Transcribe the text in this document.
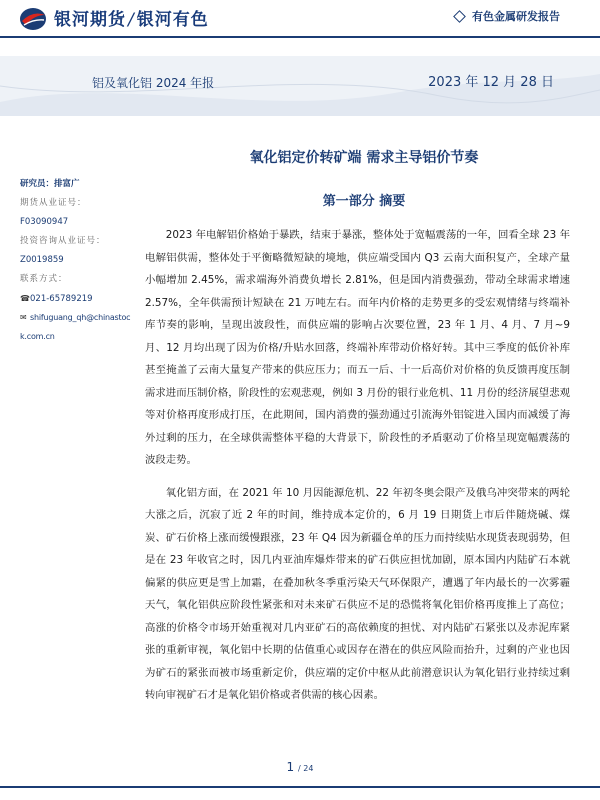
银河期货 / 银河有色	有色金属研发报告
铝及氧化铝 2024 年报	2023 年 12 月 28 日
研究员：排富广
期货从业证号：
F03090947
投资咨询从业证号：
Z0019859
联系方式：
☎021-65789219
✉ shifuguang_qh@chinastoc
k.com.cn
氧化铝定价转矿端 需求主导铝价节奏
第一部分 摘要

2023 年电解铝价格始于暴跌，结束于暴涨，整体处于宽幅震荡的一年，回看全球 23 年电解铝供需，整体处于平衡略微短缺的境地，供应端受国内 Q3 云南大面积复产，全球产量小幅增加 2.45%，需求端海外消费负增长 2.81%，但是国内消费强劲，带动全球需求增速 2.57%，全年供需预计短缺在 21 万吨左右。而年内价格的走势更多的受宏观情绪与终端补库节奏的影响，呈现出波段性，而供应端的影响占次要位置，23 年 1 月、4 月、7 月~9 月、12 月均出现了因为价格/升贴水回落，终端补库带动价格好转。其中三季度的低价补库甚至掩盖了云南大量复产带来的供应压力；而五一后、十一后高价对价格的负反馈再度压制需求进而压制价格，阶段性的宏观悲观，例如 3 月份的银行业危机、11 月份的经济展望悲观等对价格再度形成打压，在此期间，国内消费的强劲通过引流海外铝锭进入国内而减缓了海外过剩的压力，在全球供需整体平稳的大背景下，阶段性的矛盾驱动了价格呈现宽幅震荡的波段走势。

氧化铝方面，在 2021 年 10 月因能源危机、22 年初冬奥会限产及俄乌冲突带来的两轮大涨之后，沉寂了近 2 年的时间，维持成本定价的，6 月 19 日期货上市后伴随烧碱、煤炭、矿石价格上涨而缓慢跟涨，23 年 Q4 因为新疆仓单的压力而持续贴水现货表现弱势，但是在 23 年收官之时，因几内亚油库爆炸带来的矿石供应担忧加剧，原本国内内陆矿石本就偏紧的供应更是雪上加霜，在叠加秋冬季重污染天气环保限产，遭遇了年内最长的一次雾霾天气，氧化铝供应阶段性紧张和对未来矿石供应不足的恐慌将氧化铝价格再度推上了高位；高涨的价格令市场开始重视对几内亚矿石的高依赖度的担忧、对内陆矿石紧张以及赤泥库紧张的重新审视，氧化铝中长期的估值重心或因存在潜在的供应风险而抬升，过剩的产业也因为矿石的紧张而被市场重新定价，供应端的定价中枢从此前潜意识认为氧化铝行业持续过剩转向审视矿石才是氧化铝价格或者供需的核心因素。

1 / 24
